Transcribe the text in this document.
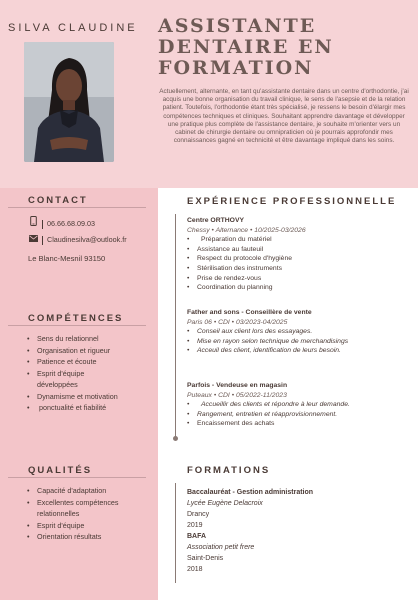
SILVA CLAUDINE ASSISTANTE
DENTAIRE EN
FORMATION
Actuellement, alternante, en tant qu'assistante dentaire dans un centre d'orthodontie, j'ai acquis une bonne organisation du travail clinique, le sens de l'asepsie et de la relation patient. Toutefois, l'orthodontie étant très spécialisé, je ressens le besoin d'élargir mes compétences techniques et cliniques. Souhaitant apprendre davantage et développer une pratique plus complète de l'assistance dentaire, je souhaite m'orienter vers un cabinet de chirurgie dentaire ou omnipraticien où je pourrais approfondir mes connaissances gagné en technicité et être davantage impliqué dans les soins.
CONTACT
06.66.68.09.03
Claudinesilva@outlook.fr
Le Blanc-Mesnil 93150
COMPÉTENCES
• Sens du relationnel
• Organisation et rigueur
• Patience et écoute
• Esprit d'équipe
développées
• Dynamisme et motivation
• ponctualité et fiabilité
QUALITÉS
• Capacité d'adaptation
• Excellentes compétences
relationnelles
• Esprit d'équipe
• Orientation résultats
EXPÉRIENCE PROFESSIONNELLE
Centre ORTHOVY
Chessy • Alternance • 10/2025-03/2026
• Préparation du matériel
• Assistance au fauteuil
• Respect du protocole d'hygiène
• Stérilisation des instruments
• Prise de rendez-vous
• Coordination du planning
Father and sons - Conseillère de vente
Paris 06 • CDI • 03/2023-04/2025
• Conseil aux client lors des essayages.
• Mise en rayon selon technique de merchandisings
• Acceuil des client, identification de leurs besoin.
Parfois - Vendeuse en magasin
Puteaux • CDI • 05/2022-11/2023
• Accueillir des clients et répondre à leur demande.
• Rangement, entretien et réapprovisionnement.
• Encaissement des achats
FORMATIONS
Baccalauréat - Gestion administration
Lycée Eugène Delacroix
Drancy
2019
BAFA
Association petit frere
Saint-Denis
2018
